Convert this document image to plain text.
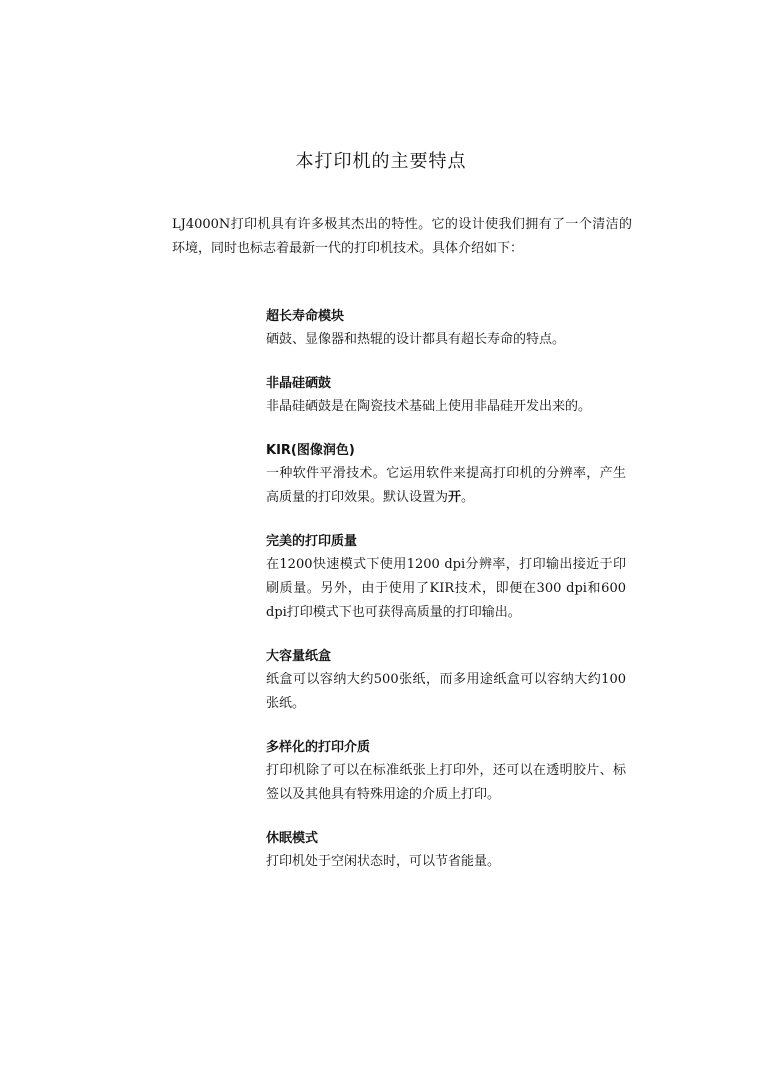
本打印机的主要特点

LJ4000N打印机具有许多极其杰出的特性。它的设计使我们拥有了一个清洁的环境，同时也标志着最新一代的打印机技术。具体介绍如下：

超长寿命模块

硒鼓、显像器和热辊的设计都具有超长寿命的特点。

非晶硅硒鼓

非晶硅硒鼓是在陶瓷技术基础上使用非晶硅开发出来的。

KIR(图像润色)

一种软件平滑技术。它运用软件来提高打印机的分辨率，产生高质量的打印效果。默认设置为开。

完美的打印质量

在1200快速模式下使用1200 dpi分辨率，打印输出接近于印刷质量。另外，由于使用了KIR技术，即便在300 dpi和600 dpi打印模式下也可获得高质量的打印输出。

大容量纸盒

纸盒可以容纳大约500张纸，而多用途纸盒可以容纳大约100张纸。

多样化的打印介质

打印机除了可以在标准纸张上打印外，还可以在透明胶片、标签以及其他具有特殊用途的介质上打印。

休眠模式

打印机处于空闲状态时，可以节省能量。
